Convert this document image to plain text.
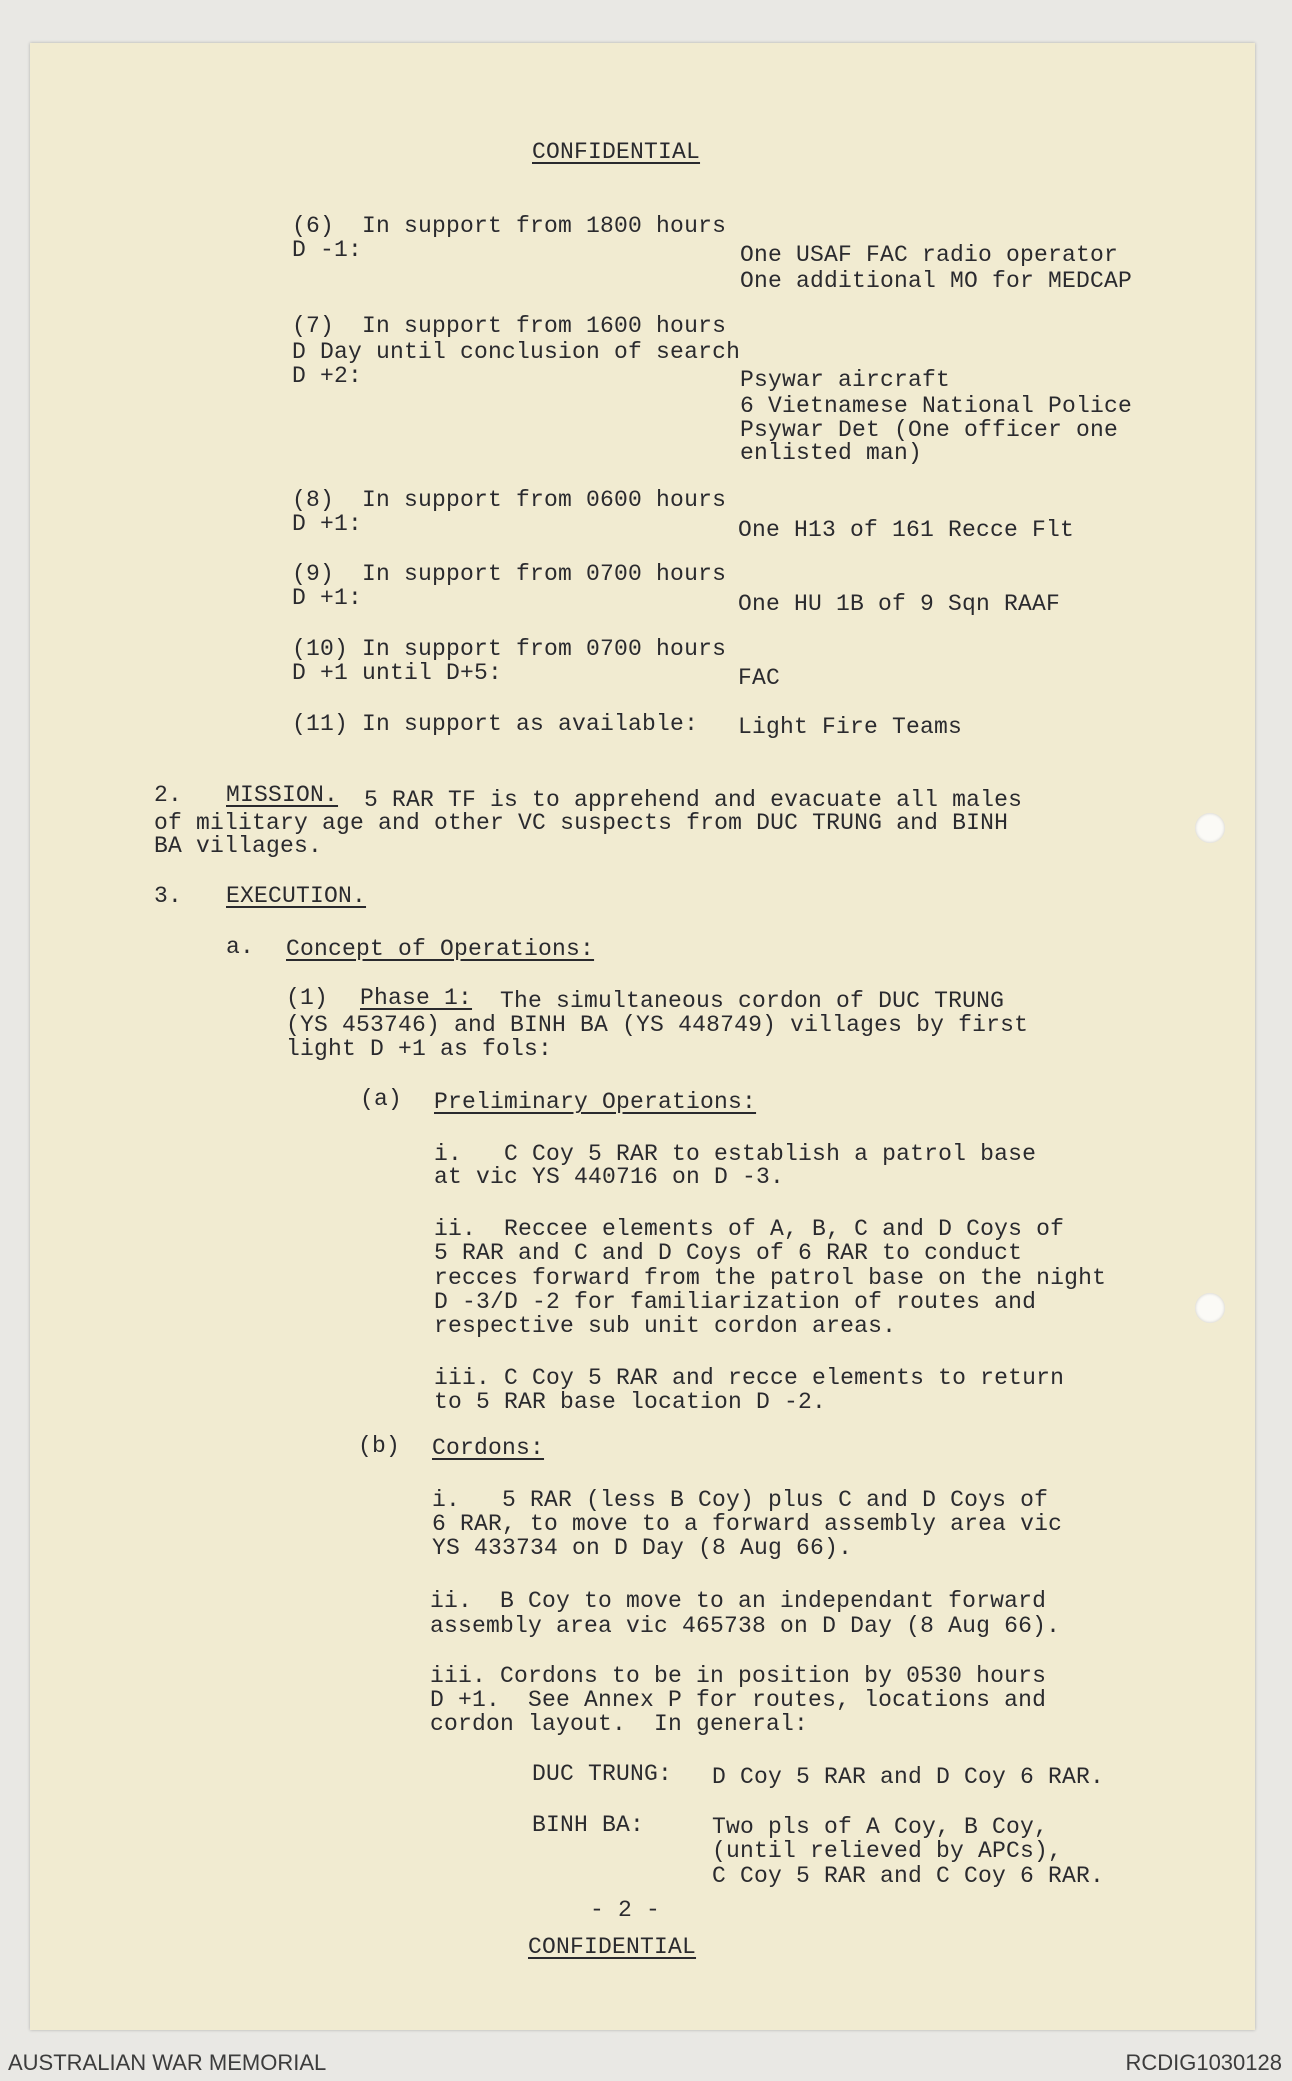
CONFIDENTIAL
(6)  In support from 1800 hours
D -1:	One USAF FAC radio operator
One additional MO for MEDCAP
(7)  In support from 1600 hours
D Day until conclusion of search
D +2:	Psywar aircraft
6 Vietnamese National Police
Psywar Det (One officer one
enlisted man)
(8)  In support from 0600 hours
D +1:	One H13 of 161 Recce Flt
(9)  In support from 0700 hours
D +1:	One HU 1B of 9 Sqn RAAF
(10) In support from 0700 hours
D +1 until D+5:	FAC
(11) In support as available: Light Fire Teams
2. MISSION. 5 RAR TF is to apprehend and evacuate all males
of military age and other VC suspects from DUC TRUNG and BINH
BA villages.
3. EXECUTION.
a. Concept of Operations:
(1) Phase 1: The simultaneous cordon of DUC TRUNG
(YS 453746) and BINH BA (YS 448749) villages by first
light D +1 as fols:
(a) Preliminary Operations:
i.   C Coy 5 RAR to establish a patrol base
at vic YS 440716 on D -3.
ii.  Reccee elements of A, B, C and D Coys of
5 RAR and C and D Coys of 6 RAR to conduct
recces forward from the patrol base on the night
D -3/D -2 for familiarization of routes and
respective sub unit cordon areas.
iii. C Coy 5 RAR and recce elements to return
to 5 RAR base location D -2.
(b) Cordons:
i.   5 RAR (less B Coy) plus C and D Coys of
6 RAR, to move to a forward assembly area vic
YS 433734 on D Day (8 Aug 66).
ii.  B Coy to move to an independant forward
assembly area vic 465738 on D Day (8 Aug 66).
iii. Cordons to be in position by 0530 hours
D +1.  See Annex P for routes, locations and
cordon layout.  In general:
DUC TRUNG: D Coy 5 RAR and D Coy 6 RAR.
BINH BA:	Two pls of A Coy, B Coy,
(until relieved by APCs),
C Coy 5 RAR and C Coy 6 RAR.
- 2 -
CONFIDENTIAL
AUSTRALIAN WAR MEMORIAL	RCDIG1030128
